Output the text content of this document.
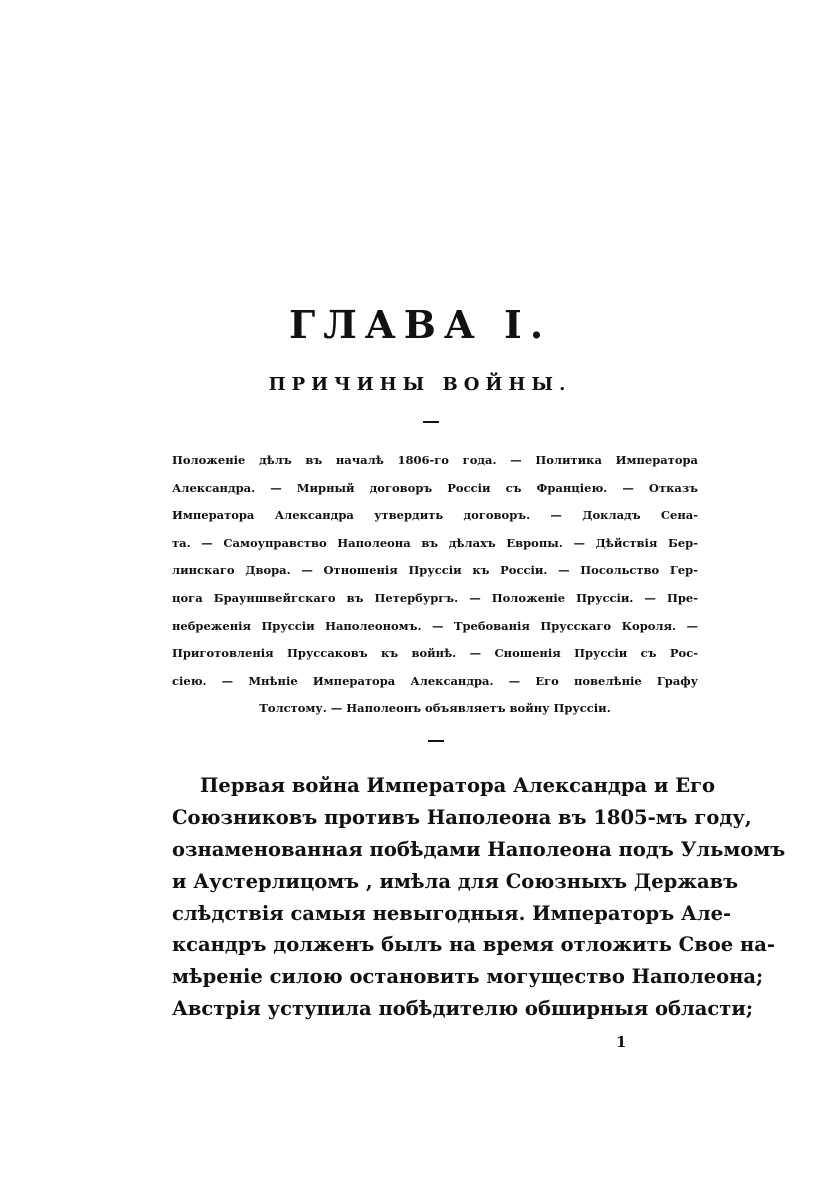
ГЛАВА I.
ПРИЧИНЫ ВОЙНЫ.
Положенiе дѣлъ въ началѣ 1806-го года. — Политика Императора
Александра. — Мирный договоръ Россiи съ Францiею. — Отказъ
Императора Александра утвердить договоръ. — Докладъ Сена-
та. — Самоуправство Наполеона въ дѣлахъ Европы. — Дѣйствiя Бер-
линскаго Двора. — Отношенiя Пруссiи къ Россiи. — Посольство Гер-
цога Брауншвейгскаго въ Петербургъ. — Положенiе Пруссiи. — Пре-
небреженiя Пруссiи Наполеономъ. — Требованiя Прусскаго Короля. —
Приготовленiя Пруссаковъ къ войнѣ. — Сношенiя Пруссiи съ Рос-
сiею. — Мнѣнiе Императора Александра. — Его повелѣнiе Графу
Толстому. — Наполеонъ объявляетъ войну Пруссiи.
Первая война Императора Александра и Его
Союзниковъ противъ Наполеона въ 1805-мъ году,
ознаменованная побѣдами Наполеона подъ Ульмомъ
и Аустерлицомъ , имѣла для Союзныхъ Державъ
слѣдствiя самыя невыгодныя. Императоръ Але-
ксандръ долженъ былъ на время отложить Свое на-
мѣренiе силою остановить могущество Наполеона;
Австрiя уступила побѣдителю обширныя области;
1
